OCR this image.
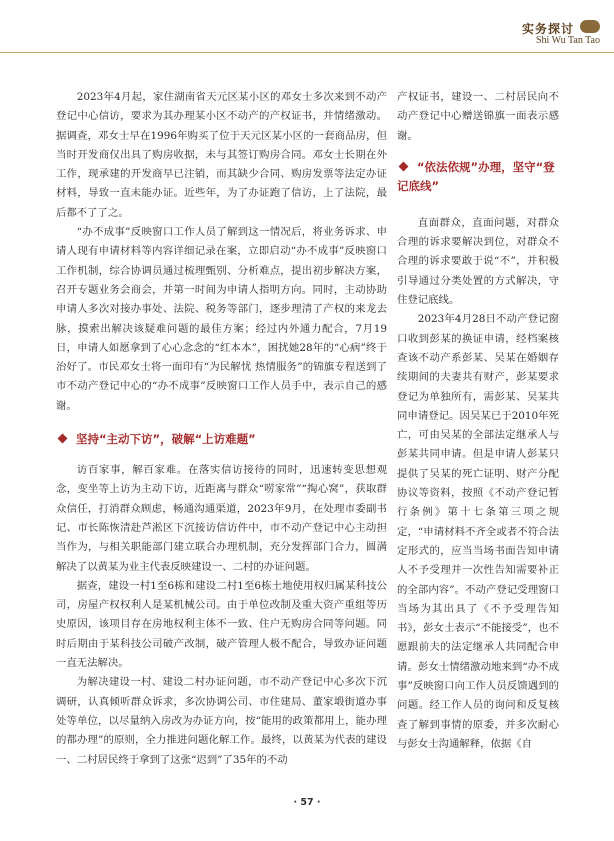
实务探讨
Shi Wu Tan Tao

2023年4月起，家住湖南省天元区某小区的邓女士多次来到不动产登记中心信访，要求为其办理某小区不动产的产权证书，并情绪激动。据调查，邓女士早在1996年购买了位于天元区某小区的一套商品房，但当时开发商仅出具了购房收据，未与其签订购房合同。邓女士长期在外工作，现承建的开发商早已注销，而其缺少合同、购房发票等法定办证材料，导致一直未能办证。近些年，为了办证跑了信访，上了法院，最后都不了了之。

“办不成事”反映窗口工作人员了解到这一情况后，将业务诉求、申请人现有申请材料等内容详细记录在案，立即启动“办不成事”反映窗口工作机制，综合协调员通过梳理甄别、分析难点，提出初步解决方案，召开专题业务会商会，并第一时间为申请人指明方向。同时，主动协助申请人多次对接办事处、法院、税务等部门，逐步理清了产权的来龙去脉，摸索出解决该疑难问题的最佳方案；经过内外通力配合，7月19日，申请人如愿拿到了心心念念的“红本本”，困扰她28年的“心病”终于治好了。市民邓女士将一面印有“为民解忧 热情服务”的锦旗专程送到了市不动产登记中心的“办不成事”反映窗口工作人员手中，表示自己的感谢。

坚持“主动下访”，破解“上访难题”

访百家事，解百家难。在落实信访接待的同时，迅速转变思想观念，变坐等上访为主动下访，近距离与群众“唠家常”“掏心窝”，获取群众信任，打消群众顾虑，畅通沟通渠道，2023年9月，在处理市委副书记、市长陈恢清赴芦淞区下沉接访信访件中，市不动产登记中心主动担当作为，与相关职能部门建立联合办理机制，充分发挥部门合力，圆满解决了以黄某为业主代表反映建设一、二村的办证问题。

据查，建设一村1至6栋和建设二村1至6栋土地使用权归属某科技公司，房屋产权权利人是某机械公司。由于单位改制及重大资产重组等历史原因，该项目存在房地权利主体不一致、住户无购房合同等问题。同时后期由于某科技公司破产改制，破产管理人极不配合，导致办证问题一直无法解决。

为解决建设一村、建设二村办证问题，市不动产登记中心多次下沉调研，认真倾听群众诉求，多次协调公司、市住建局、董家塅街道办事处等单位，以尽量纳入房改为办证方向，按“能用的政策都用上，能办理的都办理”的原则，全力推进问题化解工作。最终，以黄某为代表的建设一、二村居民终于拿到了这张“迟到”了35年的不动

产权证书，建设一、二村居民向不动产登记中心赠送锦旗一面表示感谢。

“依法依规”办理，坚守“登记底线”

直面群众，直面问题，对群众合理的诉求要解决到位，对群众不合理的诉求要敢于说“不”，并积极引导通过分类处置的方式解决，守住登记底线。

2023年4月28日不动产登记窗口收到彭某的换证申请，经档案核查该不动产系彭某、吴某在婚姻存续期间的夫妻共有财产，彭某要求登记为单独所有，需彭某、吴某共同申请登记。因吴某已于2010年死亡，可由吴某的全部法定继承人与彭某共同申请。但是申请人彭某只提供了吴某的死亡证明、财产分配协议等资料，按照《不动产登记暂行条例》第十七条第三项之规定，“申请材料不齐全或者不符合法定形式的，应当当场书面告知申请人不予受理并一次性告知需要补正的全部内容”。不动产登记受理窗口当场为其出具了《不予受理告知书》，彭女士表示“不能接受”，也不愿跟前夫的法定继承人共同配合申请。彭女士情绪激动地来到“办不成事”反映窗口向工作人员反馈遇到的问题。经工作人员的询问和反复核查了解到事情的原委，并多次耐心与彭女士沟通解释，依据《自

· 57 ·
